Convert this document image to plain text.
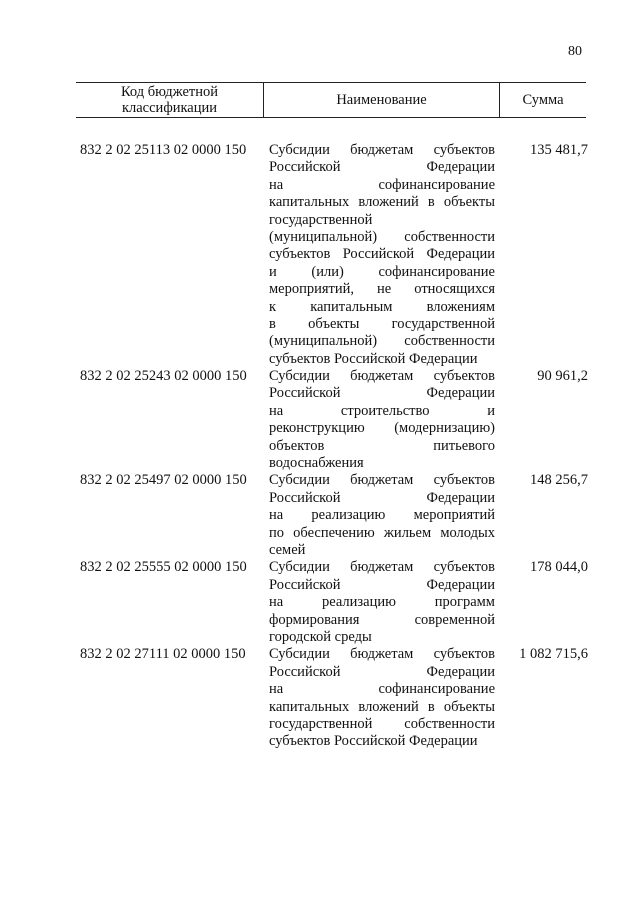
80
Код бюджетной классификации	Наименование	Сумма
832 2 02 25113 02 0000 150	Субсидии бюджетам субъектов
Российской Федерации
на софинансирование
капитальных вложений в объекты
государственной
(муниципальной) собственности
субъектов Российской Федерации
и (или) софинансирование
мероприятий, не относящихся
к капитальным вложениям
в объекты государственной
(муниципальной) собственности
субъектов Российской Федерации
135 481,7
832 2 02 25243 02 0000 150	Субсидии бюджетам субъектов
Российской Федерации
на строительство и
реконструкцию (модернизацию)
объектов питьевого
водоснабжения
90 961,2
832 2 02 25497 02 0000 150	Субсидии бюджетам субъектов
Российской Федерации
на реализацию мероприятий
по обеспечению жильем молодых
семей
148 256,7
832 2 02 25555 02 0000 150	Субсидии бюджетам субъектов
Российской Федерации
на реализацию программ
формирования современной
городской среды
178 044,0
832 2 02 27111 02 0000 150	Субсидии бюджетам субъектов
Российской Федерации
на софинансирование
капитальных вложений в объекты
государственной собственности
субъектов Российской Федерации
1 082 715,6
